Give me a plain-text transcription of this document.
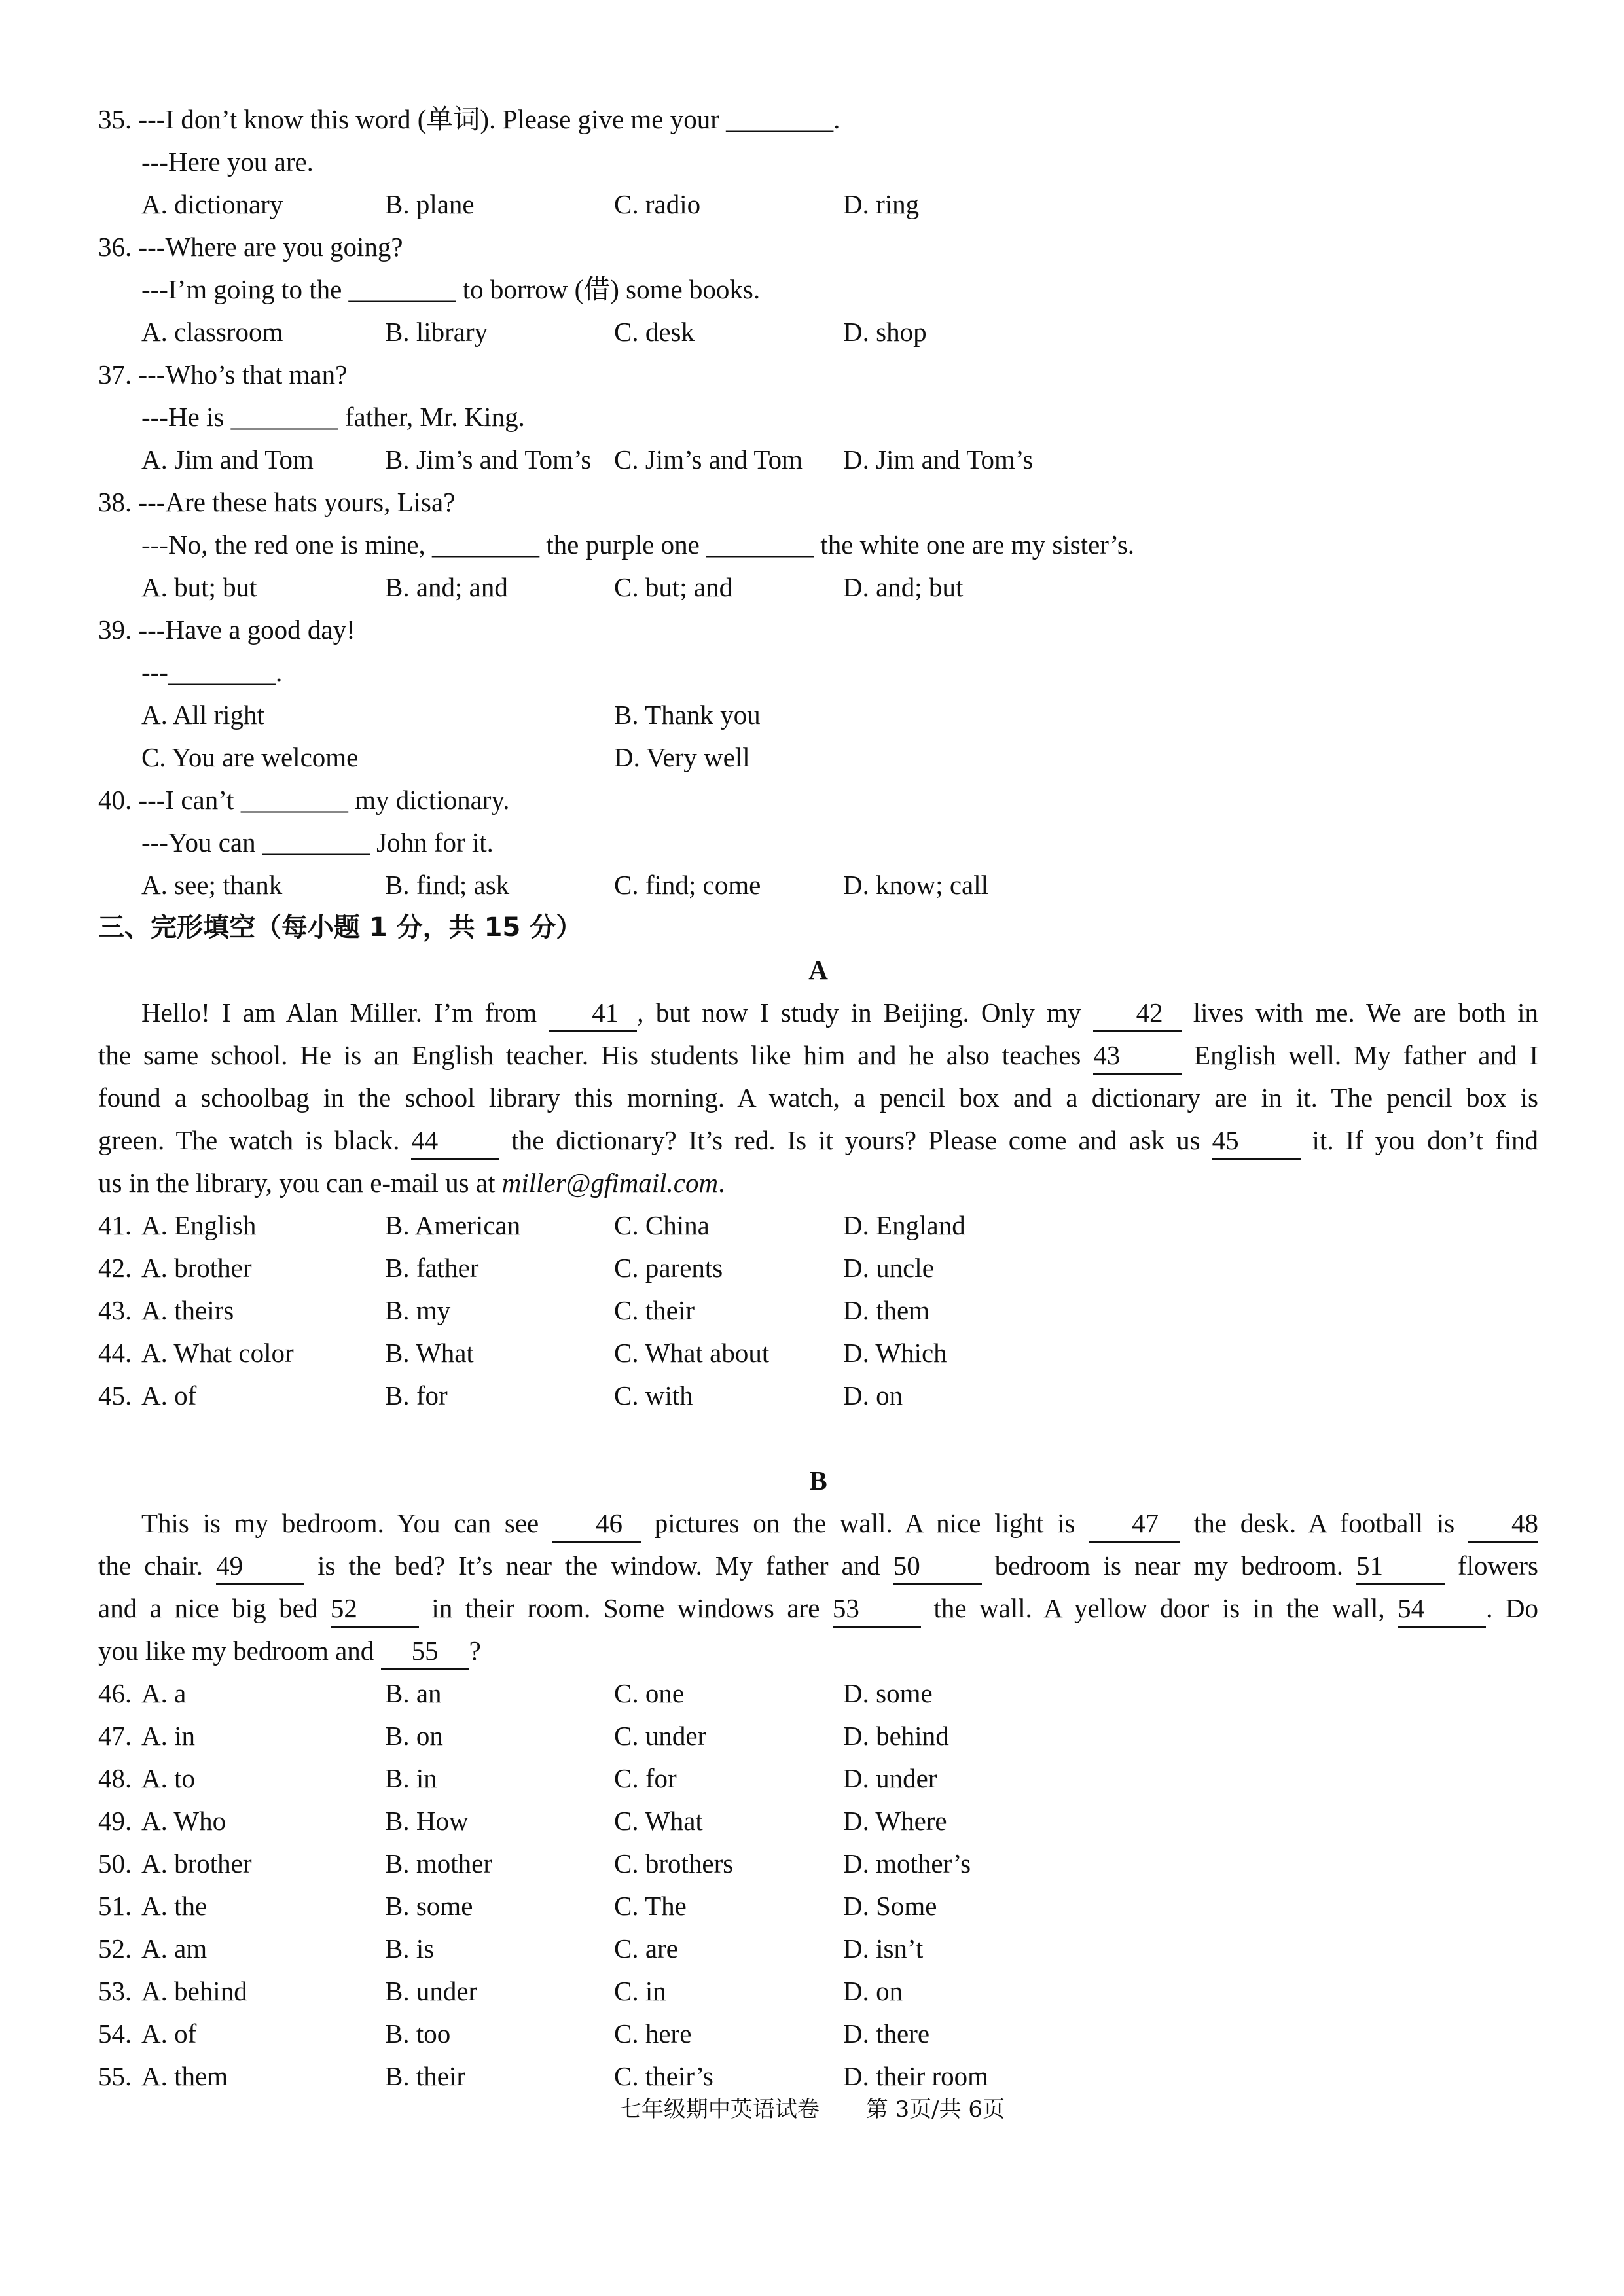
35. ---I don’t know this word (单词). Please give me your ________.
---Here you are.
A. dictionary	B. plane	C. radio	D. ring
36. ---Where are you going?
---I’m going to the ________ to borrow (借) some books.
A. classroom	B. library	C. desk	D. shop
37. ---Who’s that man?
---He is ________ father, Mr. King.
A. Jim and Tom	B. Jim’s and Tom’s C. Jim’s and Tom D. Jim and Tom’s
38. ---Are these hats yours, Lisa?
---No, the red one is mine, ________ the purple one ________ the white one are my sister’s.
A. but; but	B. and; and	C. but; and	D. and; but
39. ---Have a good day!
---________.
A. All right	B. Thank you
C. You are welcome	D. Very well
40. ---I can’t ________ my dictionary.
---You can ________ John for it.
A. see; thank	B. find; ask	C. find; come	D. know; call
三、完形填空（每小题 1 分，共 15 分）
A
Hello! I am Alan Miller. I’m from 41 , but now I study in Beijing. Only my 42 lives with me. We are both in
the same school. He is an English teacher. His students like him and he also teaches 43 English well. My father and I
found a schoolbag in the school library this morning. A watch, a pencil box and a dictionary are in it. The pencil box is
green. The watch is black. 44 the dictionary? It’s red. Is it yours? Please come and ask us 45 it. If you don’t find
us in the library, you can e-mail us at miller@gfimail.com.
41. A. English	B. American	C. China	D. England
42. A. brother	B. father	C. parents	D. uncle
43. A. theirs	B. my	C. their	D. them
44. A. What color	B. What	C. What about	D. Which
45. A. of	B. for	C. with	D. on
B
This is my bedroom. You can see 46 pictures on the wall. A nice light is 47 the desk. A football is 48
the chair. 49 is the bed? It’s near the window. My father and 50 bedroom is near my bedroom. 51 flowers
and a nice big bed 52 in their room. Some windows are 53 the wall. A yellow door is in the wall, 54 . Do
you like my bedroom and 55 ?
46. A. a	B. an	C. one	D. some
47. A. in	B. on	C. under	D. behind
48. A. to	B. in	C. for	D. under
49. A. Who	B. How	C. What	D. Where
50. A. brother	B. mother	C. brothers	D. mother’s
51. A. the	B. some	C. The	D. Some
52. A. am	B. is	C. are	D. isn’t
53. A. behind	B. under	C. in	D. on
54. A. of	B. too	C. here	D. there
55. A. them	B. their	C. their’s	D. their room
七年级期中英语试卷 第 3页/共 6页
